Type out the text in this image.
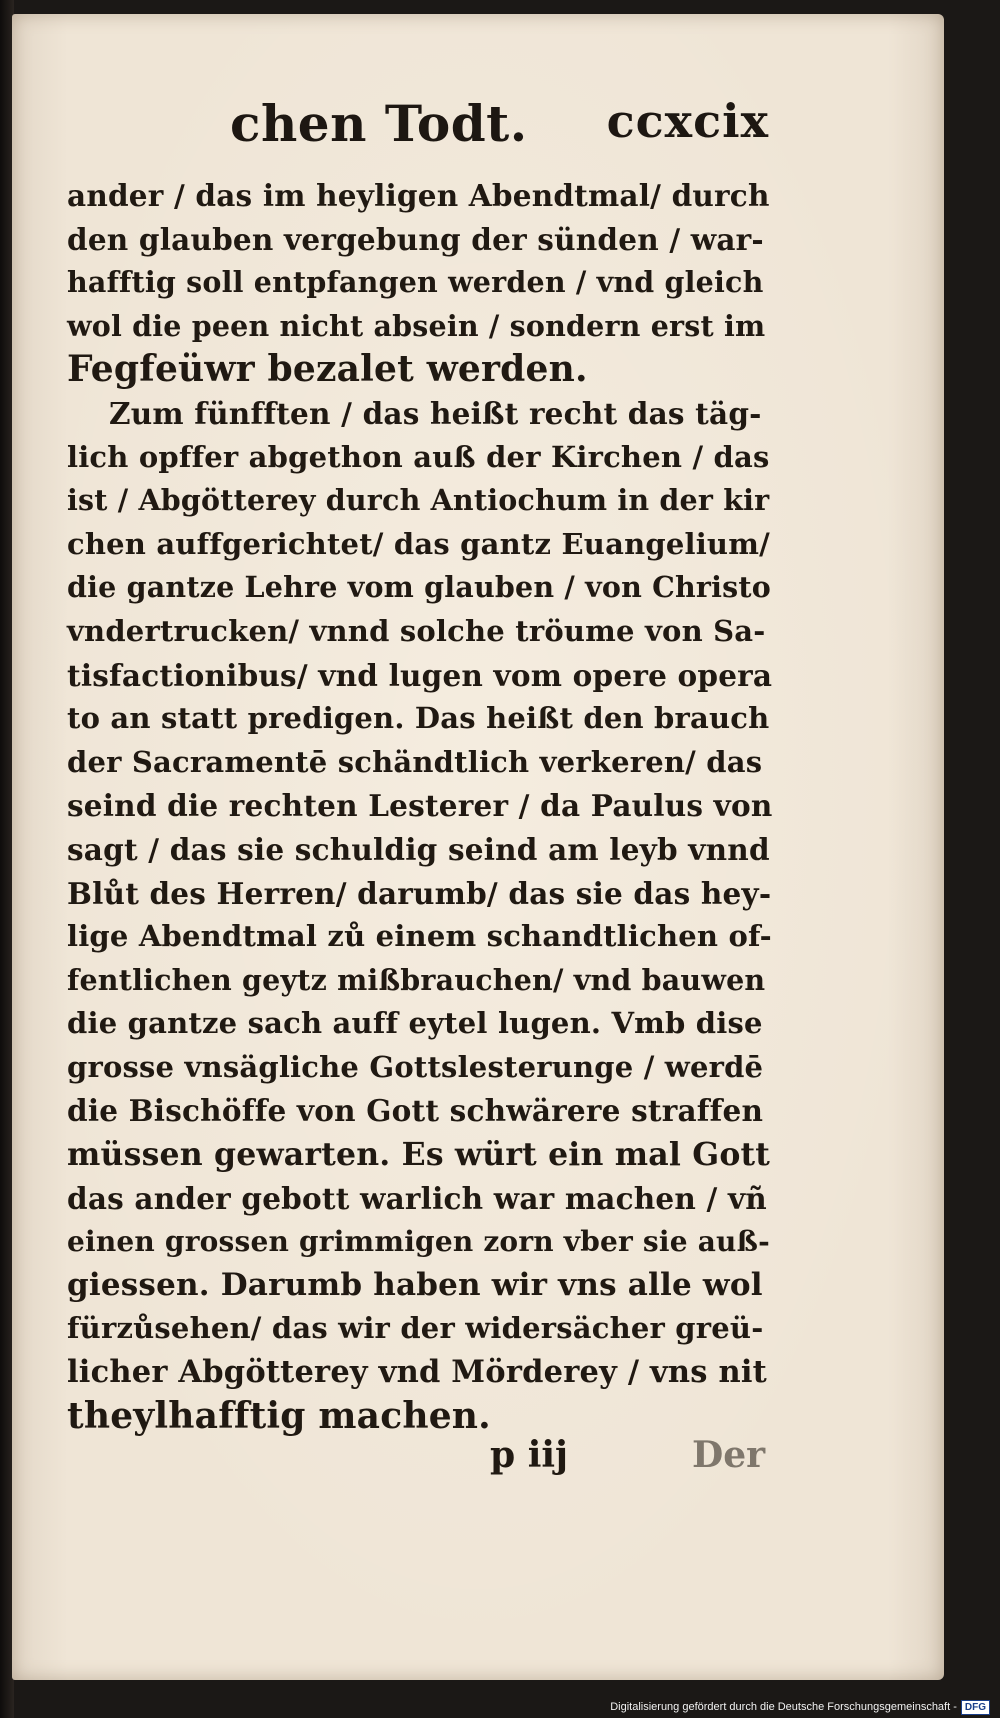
chen Todt. ccxcix
ander / das im heyligen Abendtmal/ durch
den glauben vergebung der sünden / war-
hafftig soll entpfangen werden / vnd gleich
wol die peen nicht absein / sondern erst im
Fegfeüwr bezalet werden.
Zum fünfften / das heißt recht das täg-
lich opffer abgethon auß der Kirchen / das
ist / Abgötterey durch Antiochum in der kir
chen auffgerichtet/ das gantz Euangelium/
die gantze Lehre vom glauben / von Christo
vndertrucken/ vnnd solche tröume von Sa-
tisfactionibus/ vnd lugen vom opere opera
to an statt predigen. Das heißt den brauch
der Sacramentē schändtlich verkeren/ das
seind die rechten Lesterer / da Paulus von
sagt / das sie schuldig seind am leyb vnnd
Blůt des Herren/ darumb/ das sie das hey-
lige Abendtmal zů einem schandtlichen of-
fentlichen geytz mißbrauchen/ vnd bauwen
die gantze sach auff eytel lugen. Vmb dise
grosse vnsägliche Gottslesterunge / werdē
die Bischöffe von Gott schwärere straffen
müssen gewarten. Es würt ein mal Gott
das ander gebott warlich war machen / vñ
einen grossen grimmigen zorn vber sie auß-
giessen. Darumb haben wir vns alle wol
fürzůsehen/ das wir der widersächer greü-
licher Abgötterey vnd Mörderey / vns nit
theylhafftig machen.
p iij	Der
Digitalisierung gefördert durch die Deutsche Forschungsgemeinschaft - DFG
